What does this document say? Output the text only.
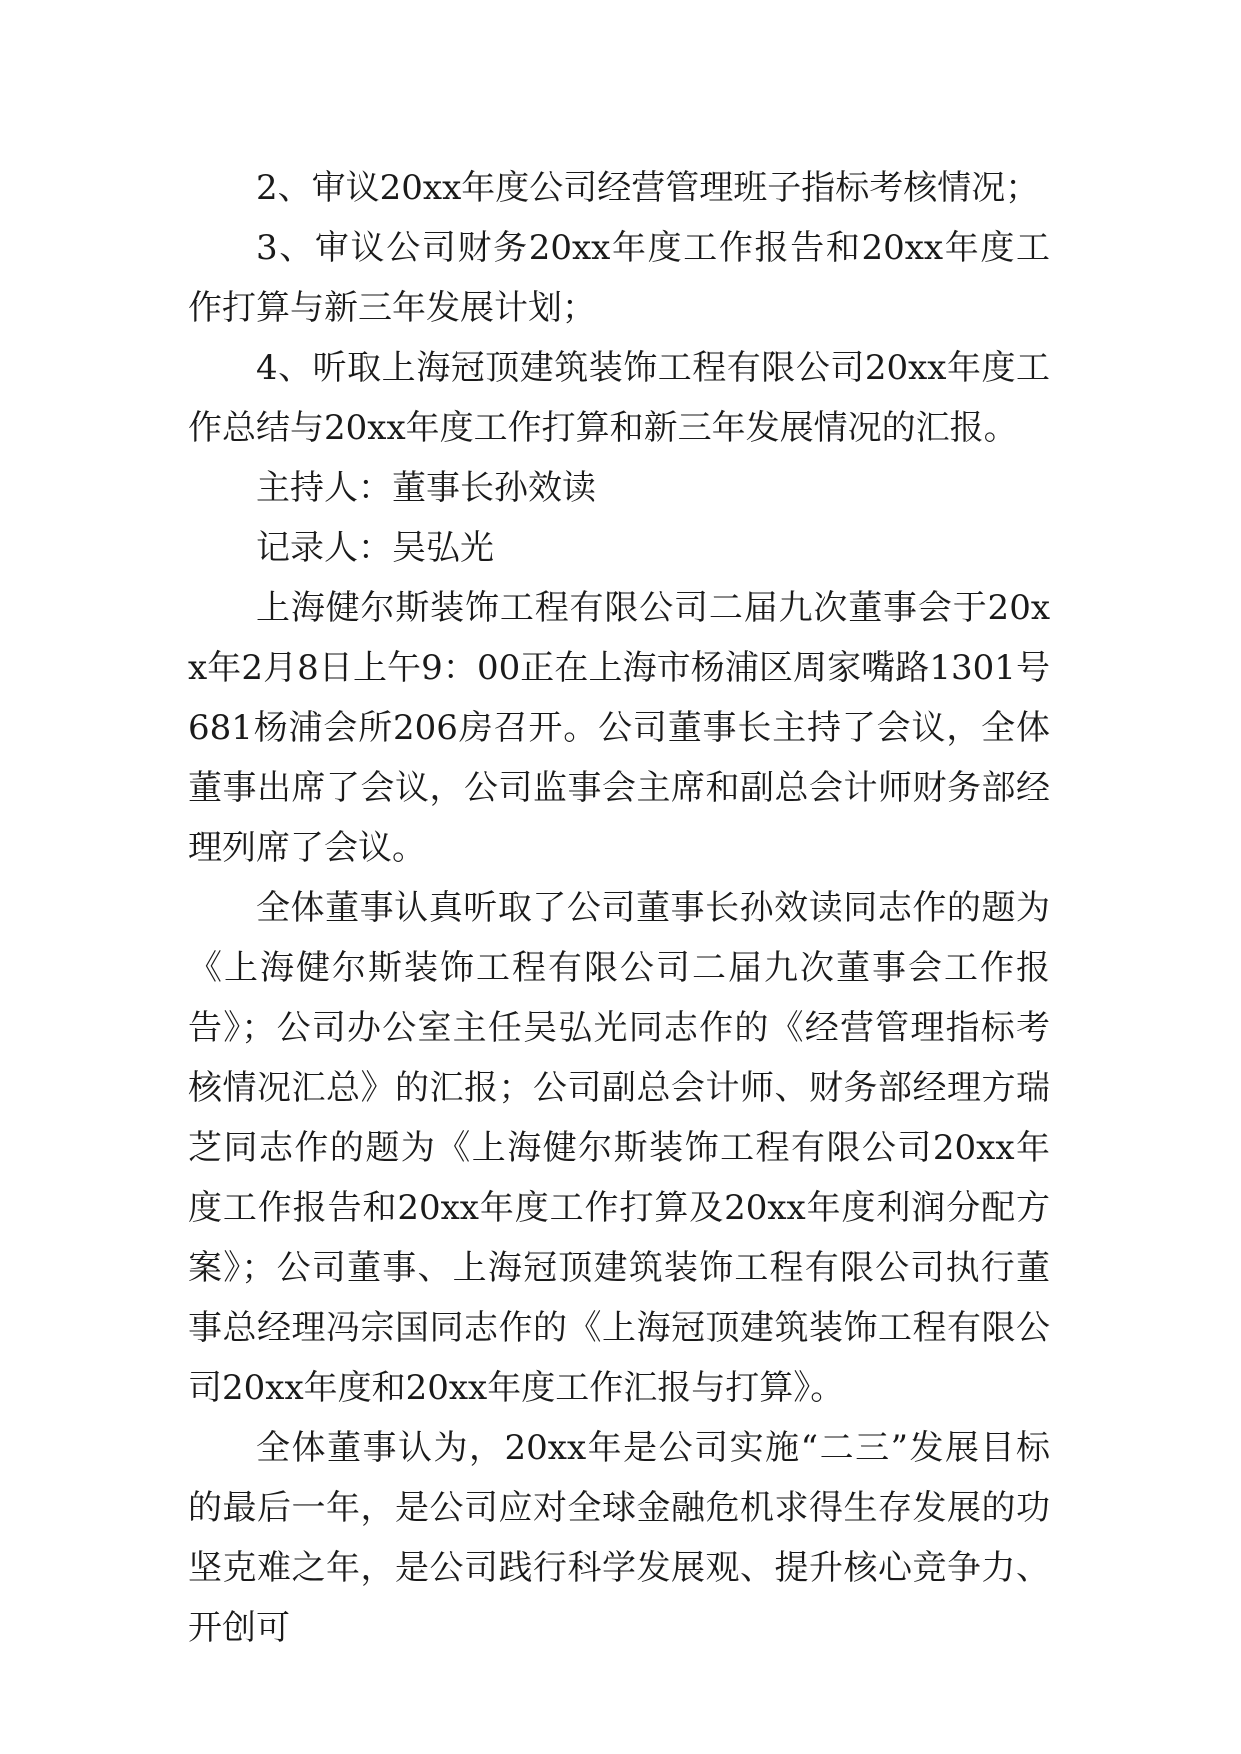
2、审议20xx年度公司经营管理班子指标考核情况；

3、审议公司财务20xx年度工作报告和20xx年度工作打算与新三年发展计划；

4、听取上海冠顶建筑装饰工程有限公司20xx年度工作总结与20xx年度工作打算和新三年发展情况的汇报。

主持人：董事长孙效读

记录人：吴弘光

上海健尔斯装饰工程有限公司二届九次董事会于20xx年2月8日上午9：00正在上海市杨浦区周家嘴路1301号681杨浦会所206房召开。公司董事长主持了会议，全体董事出席了会议，公司监事会主席和副总会计师财务部经理列席了会议。

全体董事认真听取了公司董事长孙效读同志作的题为《上海健尔斯装饰工程有限公司二届九次董事会工作报告》；公司办公室主任吴弘光同志作的《经营管理指标考核情况汇总》的汇报；公司副总会计师、财务部经理方瑞芝同志作的题为《上海健尔斯装饰工程有限公司20xx年度工作报告和20xx年度工作打算及20xx年度利润分配方案》；公司董事、上海冠顶建筑装饰工程有限公司执行董事总经理冯宗国同志作的《上海冠顶建筑装饰工程有限公司20xx年度和20xx年度工作汇报与打算》。

全体董事认为，20xx年是公司实施“二三”发展目标的最后一年，是公司应对全球金融危机求得生存发展的功坚克难之年，是公司践行科学发展观、提升核心竞争力、开创可
